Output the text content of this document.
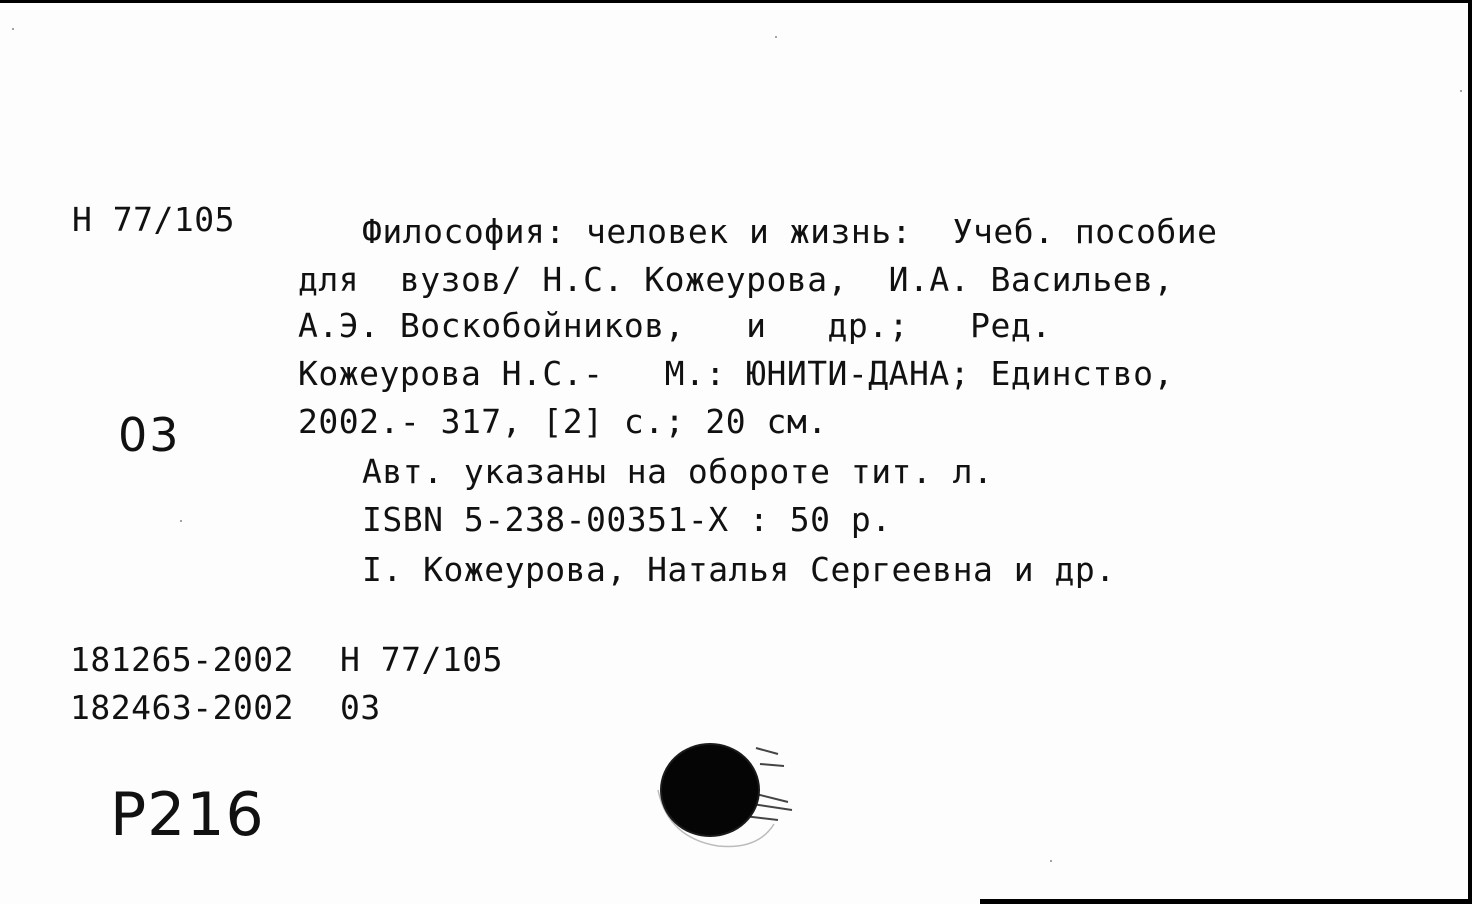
Н 77/105
03
Философия: человек и жизнь:  Учеб. пособие
для  вузов/ Н.С. Кожеурова,  И.А. Васильев,
А.Э. Воскобойников,   и   др.;   Ред.
Кожеурова Н.С.-   М.: ЮНИТИ-ДАНА; Единство,
2002.- 317, [2] с.; 20 см.
Авт. указаны на обороте тит. л.
ISBN 5-238-00351-X : 50 р.
I. Кожеурова, Наталья Сергеевна и др.
181265-2002 Н 77/105
182463-2002 03
P216
